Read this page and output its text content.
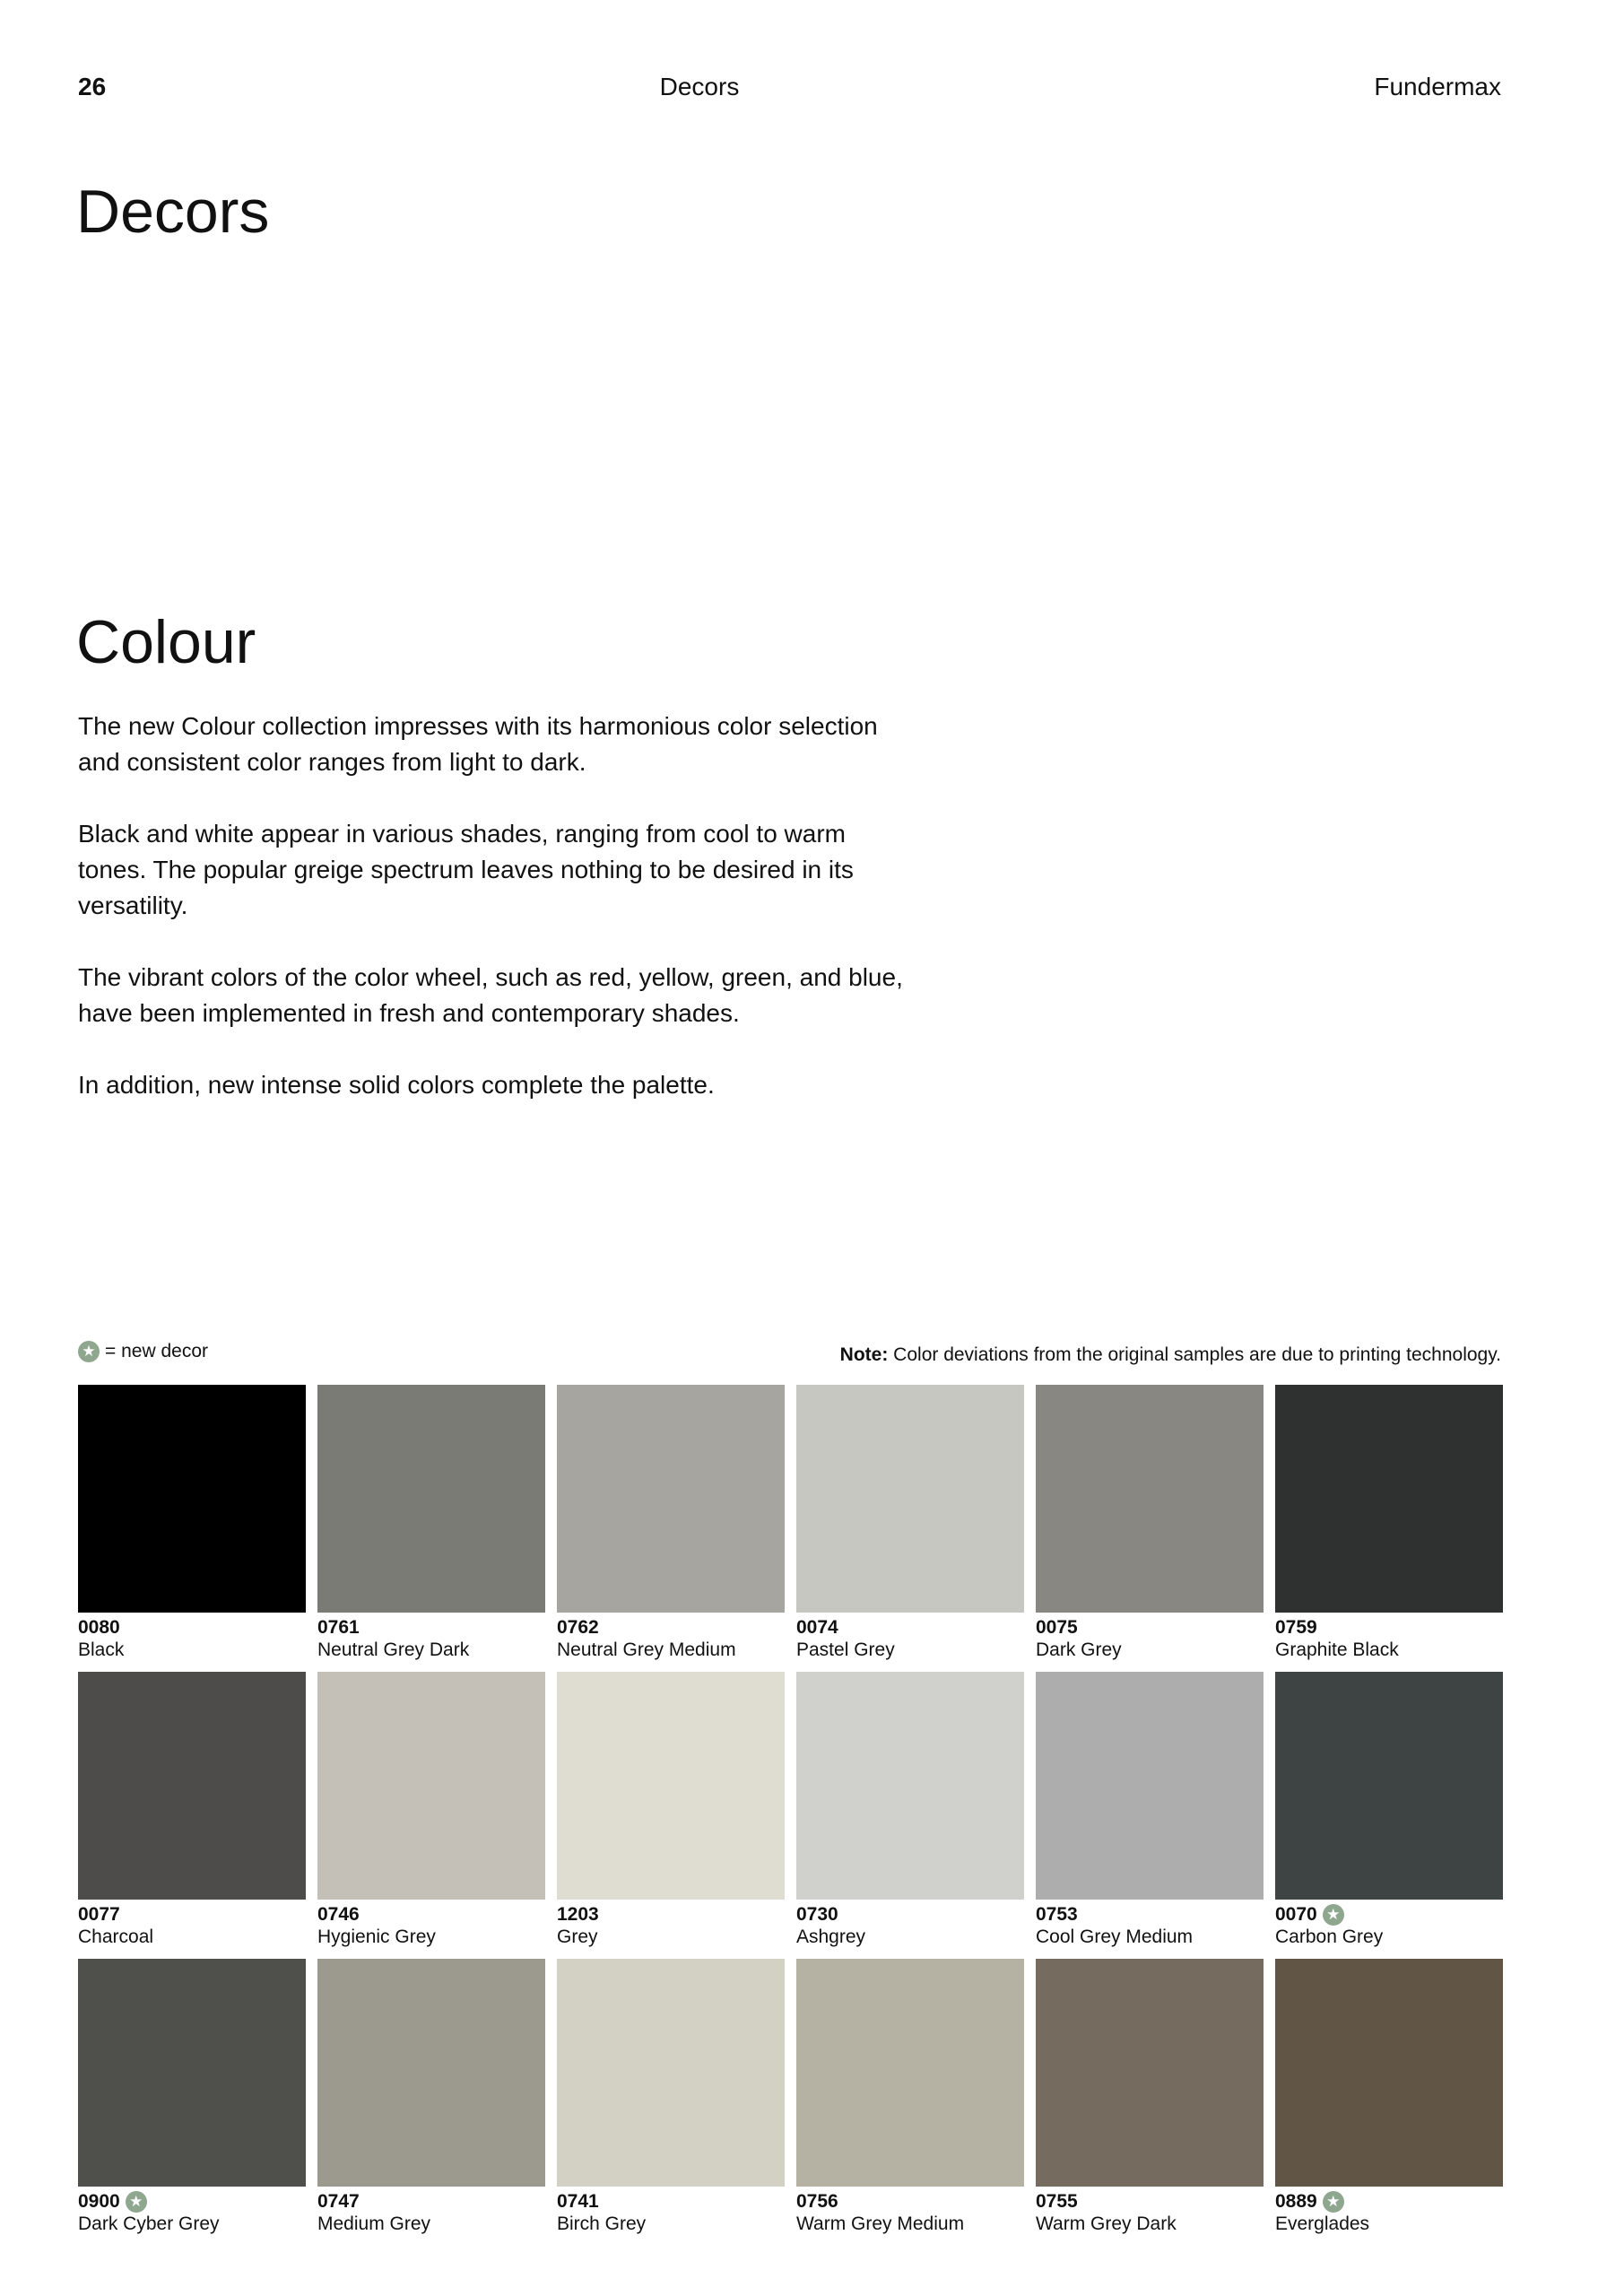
26	Decors	Fundermax
Decors
Colour

The new Colour collection impresses with its harmonious color selection and consistent color ranges from light to dark.

Black and white appear in various shades, ranging from cool to warm tones. The popular greige spectrum leaves nothing to be desired in its versatility.

The vibrant colors of the color wheel, such as red, yellow, green, and blue, have been implemented in fresh and contemporary shades.

In addition, new intense solid colors complete the palette.

★ = new decor	Note: Color deviations from the original samples are due to printing technology.
0080
Black
0761
Neutral Grey Dark
0762
Neutral Grey Medium
0074
Pastel Grey
0075
Dark Grey
0759
Graphite Black
0077
Charcoal
0746
Hygienic Grey
1203
Grey
0730
Ashgrey
0753
Cool Grey Medium
0070 ★
Carbon Grey
0900 ★
Dark Cyber Grey
0747
Medium Grey
0741
Birch Grey
0756
Warm Grey Medium
0755
Warm Grey Dark
0889 ★
Everglades
